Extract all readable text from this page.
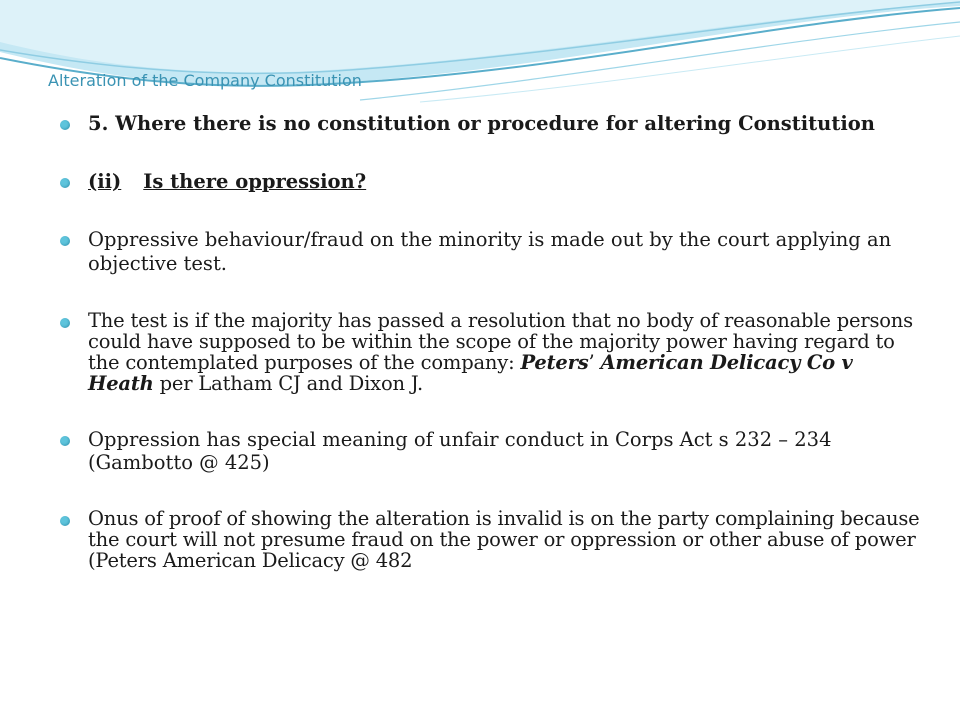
Alteration of the Company Constitution
5. Where there is no constitution or procedure for altering Constitution
(ii) Is there oppression?
Oppressive behaviour/fraud on the minority is made out by the court applying an objective test.
The test is if the majority has passed a resolution that no body of reasonable persons could have supposed to be within the scope of the majority power having regard to the contemplated purposes of the company: Peters’ American Delicacy Co v Heath per Latham CJ and Dixon J.
Oppression has special meaning of unfair conduct in Corps Act s 232 – 234 (Gambotto @ 425)
Onus of proof of showing the alteration is invalid is on the party complaining because the court will not presume fraud on the power or oppression or other abuse of power (Peters American Delicacy @ 482
